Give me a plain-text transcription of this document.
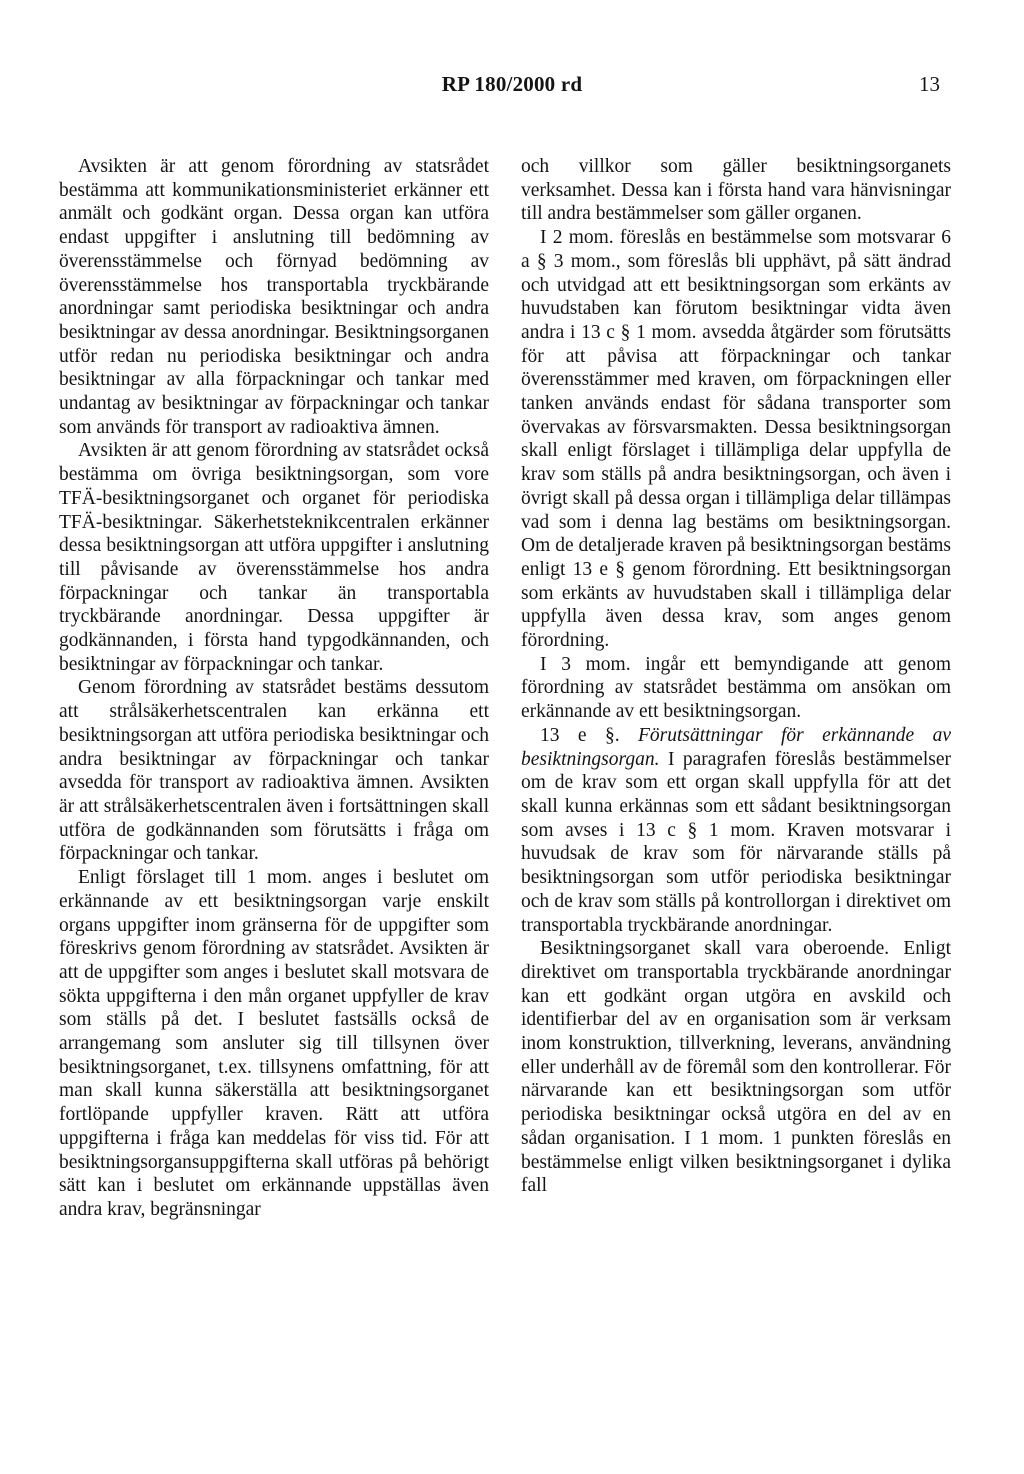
RP 180/2000 rd	13

Avsikten är att genom förordning av statsrådet bestämma att kommunikationsministeriet erkänner ett anmält och godkänt organ. Dessa organ kan utföra endast uppgifter i anslutning till bedömning av överensstämmelse och förnyad bedömning av överensstämmelse hos transportabla tryckbärande anordningar samt periodiska besiktningar och andra besiktningar av dessa anordningar. Besiktningsorganen utför redan nu periodiska besiktningar och andra besiktningar av alla förpackningar och tankar med undantag av besiktningar av förpackningar och tankar som används för transport av radioaktiva ämnen.

Avsikten är att genom förordning av statsrådet också bestämma om övriga besiktningsorgan, som vore TFÄ-besiktningsorganet och organet för periodiska TFÄ-besiktningar. Säkerhetsteknikcentralen erkänner dessa besiktningsorgan att utföra uppgifter i anslutning till påvisande av överensstämmelse hos andra förpackningar och tankar än transportabla tryckbärande anordningar. Dessa uppgifter är godkännanden, i första hand typgodkännanden, och besiktningar av förpackningar och tankar.

Genom förordning av statsrådet bestäms dessutom att strålsäkerhetscentralen kan erkänna ett besiktningsorgan att utföra periodiska besiktningar och andra besiktningar av förpackningar och tankar avsedda för transport av radioaktiva ämnen. Avsikten är att strålsäkerhetscentralen även i fortsättningen skall utföra de godkännanden som förutsätts i fråga om förpackningar och tankar.

Enligt förslaget till 1 mom. anges i beslutet om erkännande av ett besiktningsorgan varje enskilt organs uppgifter inom gränserna för de uppgifter som föreskrivs genom förordning av statsrådet. Avsikten är att de uppgifter som anges i beslutet skall motsvara de sökta uppgifterna i den mån organet uppfyller de krav som ställs på det. I beslutet fastsälls också de arrangemang som ansluter sig till tillsynen över besiktningsorganet, t.ex. tillsynens omfattning, för att man skall kunna säkerställa att besiktningsorganet fortlöpande uppfyller kraven. Rätt att utföra uppgifterna i fråga kan meddelas för viss tid. För att besiktningsorgansuppgifterna skall utföras på behörigt sätt kan i beslutet om erkännande uppställas även andra krav, begränsningar

och villkor som gäller besiktningsorganets verksamhet. Dessa kan i första hand vara hänvisningar till andra bestämmelser som gäller organen.

I 2 mom. föreslås en bestämmelse som motsvarar 6 a § 3 mom., som föreslås bli upphävt, på sätt ändrad och utvidgad att ett besiktningsorgan som erkänts av huvudstaben kan förutom besiktningar vidta även andra i 13 c § 1 mom. avsedda åtgärder som förutsätts för att påvisa att förpackningar och tankar överensstämmer med kraven, om förpackningen eller tanken används endast för sådana transporter som övervakas av försvarsmakten. Dessa besiktningsorgan skall enligt förslaget i tillämpliga delar uppfylla de krav som ställs på andra besiktningsorgan, och även i övrigt skall på dessa organ i tillämpliga delar tillämpas vad som i denna lag bestäms om besiktningsorgan. Om de detaljerade kraven på besiktningsorgan bestäms enligt 13 e § genom förordning. Ett besiktningsorgan som erkänts av huvudstaben skall i tillämpliga delar uppfylla även dessa krav, som anges genom förordning.

I 3 mom. ingår ett bemyndigande att genom förordning av statsrådet bestämma om ansökan om erkännande av ett besiktningsorgan.

13 e §. Förutsättningar för erkännande av besiktningsorgan. I paragrafen föreslås bestämmelser om de krav som ett organ skall uppfylla för att det skall kunna erkännas som ett sådant besiktningsorgan som avses i 13 c § 1 mom. Kraven motsvarar i huvudsak de krav som för närvarande ställs på besiktningsorgan som utför periodiska besiktningar och de krav som ställs på kontrollorgan i direktivet om transportabla tryckbärande anordningar.

Besiktningsorganet skall vara oberoende. Enligt direktivet om transportabla tryckbärande anordningar kan ett godkänt organ utgöra en avskild och identifierbar del av en organisation som är verksam inom konstruktion, tillverkning, leverans, användning eller underhåll av de föremål som den kontrollerar. För närvarande kan ett besiktningsorgan som utför periodiska besiktningar också utgöra en del av en sådan organisation. I 1 mom. 1 punkten föreslås en bestämmelse enligt vilken besiktningsorganet i dylika fall
